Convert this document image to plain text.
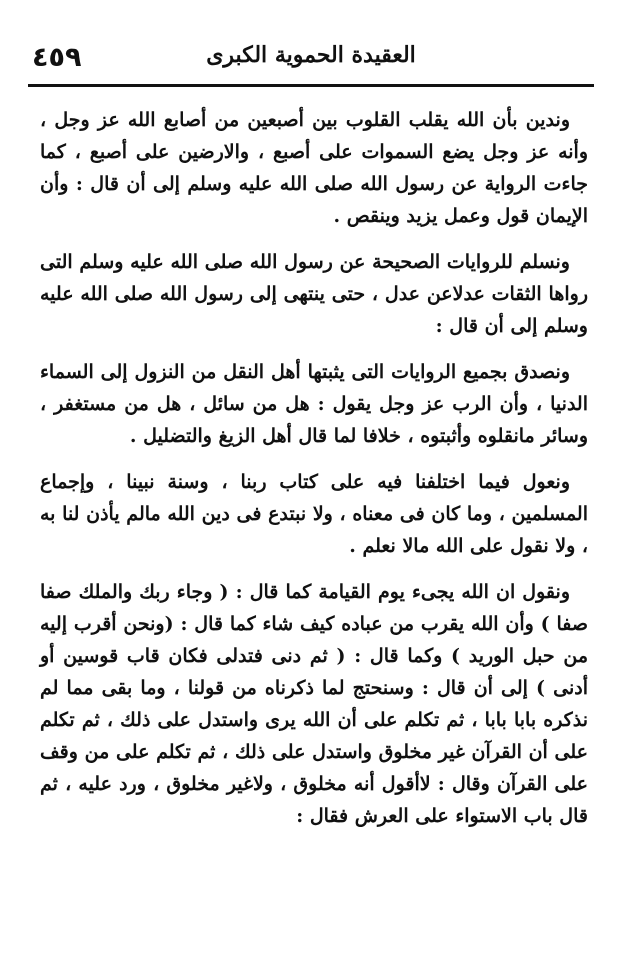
٤٥٩	العقيدة الحموية الكبرى

وندين بأن الله يقلب القلوب بين أصبعين من أصابع الله عز وجل ، وأنه عز وجل يضع السموات على أصبع ، والارضين على أصبع ، كما جاءت الرواية عن رسول الله صلى الله عليه وسلم إلى أن قال : وأن الإيمان قول وعمل يزيد وينقص .

ونسلم للروايات الصحيحة عن رسول الله صلى الله عليه وسلم التى رواها الثقات عدلاعن عدل ، حتى ينتهى إلى رسول الله صلى الله عليه وسلم إلى أن قال :

ونصدق بجميع الروايات التى يثبتها أهل النقل من النزول إلى السماء الدنيا ، وأن الرب عز وجل يقول : هل من سائل ، هل من مستغفر ، وسائر مانقلوه وأثبتوه ، خلافا لما قال أهل الزيغ والتضليل .

ونعول فيما اختلفنا فيه على كتاب ربنا ، وسنة نبينا ، وإجماع المسلمين ، وما كان فى معناه ، ولا نبتدع فى دين الله مالم يأذن لنا به ، ولا نقول على الله مالا نعلم .

ونقول ان الله يجىء يوم القيامة كما قال : ( وجاء ربك والملك صفا صفا ) وأن الله يقرب من عباده كيف شاء كما قال : (ونحن أقرب إليه من حبل الوريد ) وكما قال : ( ثم دنى فتدلى فكان قاب قوسين أو أدنى ) إلى أن قال : وسنحتج لما ذكرناه من قولنا ، وما بقى مما لم نذكره بابا بابا ، ثم تكلم على أن الله يرى واستدل على ذلك ، ثم تكلم على أن القرآن غير مخلوق واستدل على ذلك ، ثم تكلم على من وقف على القرآن وقال : لاأقول أنه مخلوق ، ولاغير مخلوق ، ورد عليه ، ثم قال باب الاستواء على العرش فقال :
